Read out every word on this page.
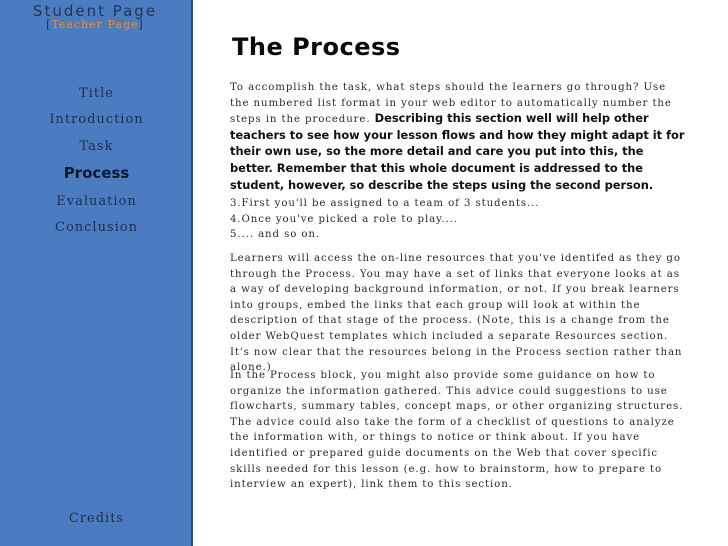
Student Page
[Teacher Page]
Title
Introduction
Task
Process
Evaluation
Conclusion
Credits
The Process

To accomplish the task, what steps should the learners go through? Use the numbered list format in your web editor to automatically number the steps in the procedure. Describing this section well will help other teachers to see how your lesson flows and how they might adapt it for their own use, so the more detail and care you put into this, the better. Remember that this whole document is addressed to the student, however, so describe the steps using the second person.

3.First you'll be assigned to a team of 3 students...
4.Once you've picked a role to play....
5.... and so on.

Learners will access the on-line resources that you've identifed as they go through the Process. You may have a set of links that everyone looks at as a way of developing background information, or not. If you break learners into groups, embed the links that each group will look at within the description of that stage of the process. (Note, this is a change from the older WebQuest templates which included a separate Resources section. It's now clear that the resources belong in the Process section rather than alone.)

In the Process block, you might also provide some guidance on how to organize the information gathered. This advice could suggestions to use flowcharts, summary tables, concept maps, or other organizing structures. The advice could also take the form of a checklist of questions to analyze the information with, or things to notice or think about. If you have identified or prepared guide documents on the Web that cover specific skills needed for this lesson (e.g. how to brainstorm, how to prepare to interview an expert), link them to this section.
